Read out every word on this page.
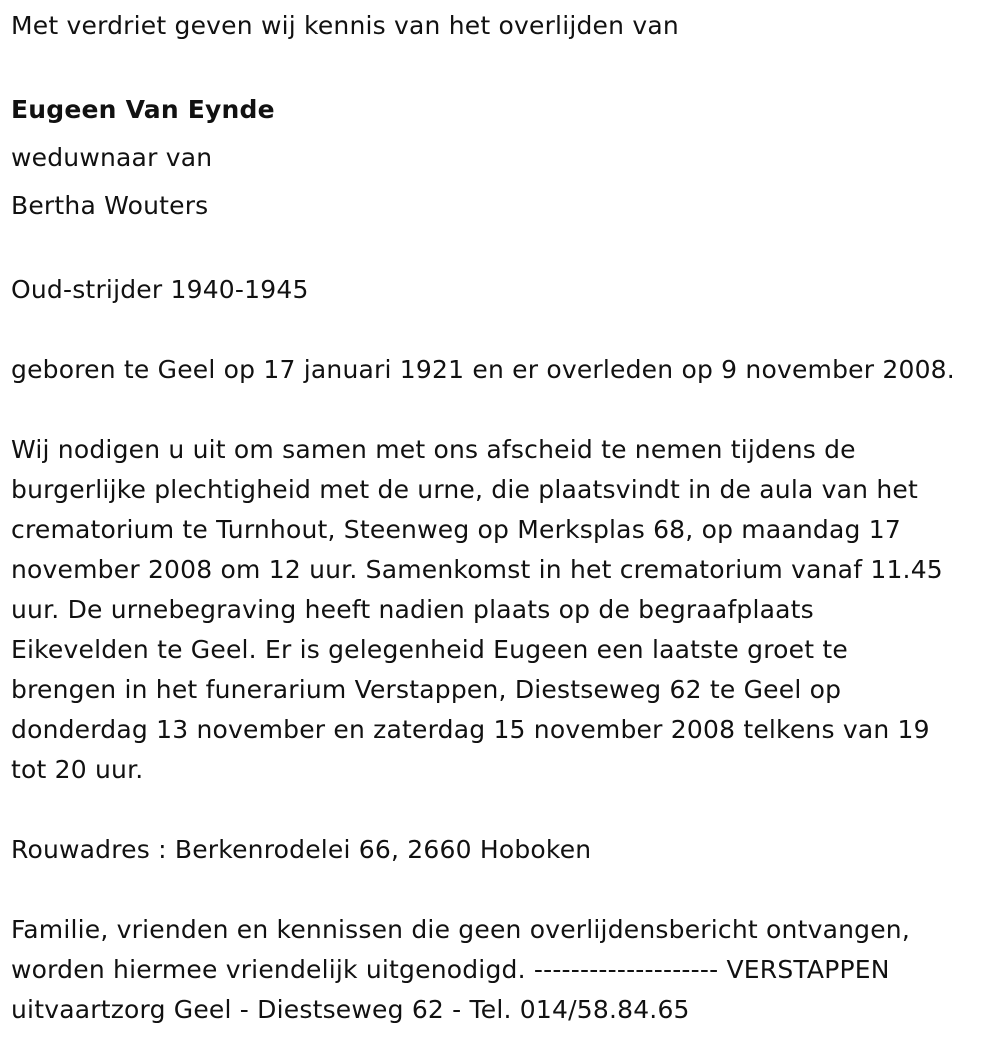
Met verdriet geven wij kennis van het overlijden van

Eugeen Van Eynde

weduwnaar van

Bertha Wouters

Oud-strijder 1940-1945

geboren te Geel op 17 januari 1921 en er overleden op 9 november 2008.

Wij nodigen u uit om samen met ons afscheid te nemen tijdens de

burgerlijke plechtigheid met de urne, die plaatsvindt in de aula van het

crematorium te Turnhout, Steenweg op Merksplas 68, op maandag 17

november 2008 om 12 uur. Samenkomst in het crematorium vanaf 11.45

uur. De urnebegraving heeft nadien plaats op de begraafplaats

Eikevelden te Geel. Er is gelegenheid Eugeen een laatste groet te

brengen in het funerarium Verstappen, Diestseweg 62 te Geel op

donderdag 13 november en zaterdag 15 november 2008 telkens van 19

tot 20 uur.

Rouwadres : Berkenrodelei 66, 2660 Hoboken

Familie, vrienden en kennissen die geen overlijdensbericht ontvangen,

worden hiermee vriendelijk uitgenodigd. -------------------- VERSTAPPEN

uitvaartzorg Geel - Diestseweg 62 - Tel. 014/58.84.65
